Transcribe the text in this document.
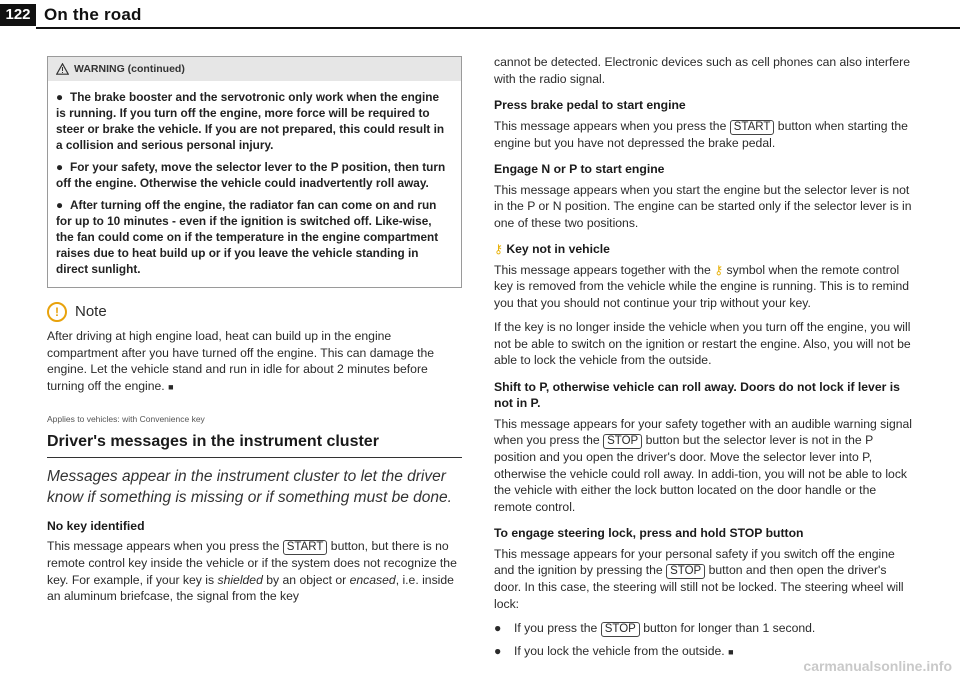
122 On the road
WARNING (continued)

● The brake booster and the servotronic only work when the engine is running. If you turn off the engine, more force will be required to steer or brake the vehicle. If you are not prepared, this could result in a collision and serious personal injury.

● For your safety, move the selector lever to the P position, then turn off the engine. Otherwise the vehicle could inadvertently roll away.

● After turning off the engine, the radiator fan can come on and run for up to 10 minutes - even if the ignition is switched off. Like-wise, the fan could come on if the temperature in the engine compartment raises due to heat build up or if you leave the vehicle standing in direct sunlight.

!	Note

After driving at high engine load, heat can build up in the engine compartment after you have turned off the engine. This can damage the engine. Let the vehicle stand and run in idle for about 2 minutes before turning off the engine. ■

Applies to vehicles: with Convenience key
Driver's messages in the instrument cluster

Messages appear in the instrument cluster to let the driver know if something is missing or if something must be done.

No key identified

This message appears when you press the START button, but there is no remote control key inside the vehicle or if the system does not recognize the key. For example, if your key is shielded by an object or encased, i.e. inside an aluminum briefcase, the signal from the key

cannot be detected. Electronic devices such as cell phones can also interfere with the radio signal.

Press brake pedal to start engine

This message appears when you press the START button when starting the engine but you have not depressed the brake pedal.

Engage N or P to start engine

This message appears when you start the engine but the selector lever is not in the P or N position. The engine can be started only if the selector lever is in one of these two positions.

⚷ Key not in vehicle

This message appears together with the ⚷ symbol when the remote control key is removed from the vehicle while the engine is running. This is to remind you that you should not continue your trip without your key.

If the key is no longer inside the vehicle when you turn off the engine, you will not be able to switch on the ignition or restart the engine. Also, you will not be able to lock the vehicle from the outside.

Shift to P, otherwise vehicle can roll away. Doors do not lock if lever is not in P.

This message appears for your safety together with an audible warning signal when you press the STOP button but the selector lever is not in the P position and you open the driver's door. Move the selector lever into P, otherwise the vehicle could roll away. In addi-tion, you will not be able to lock the vehicle with either the lock button located on the door handle or the remote control.

To engage steering lock, press and hold STOP button

This message appears for your personal safety if you switch off the engine and the ignition by pressing the STOP button and then open the driver's door. In this case, the steering will still not be locked. The steering wheel will lock:

●	If you press the STOP button for longer than 1 second.
●	If you lock the vehicle from the outside. ■
carmanualsonline.info
